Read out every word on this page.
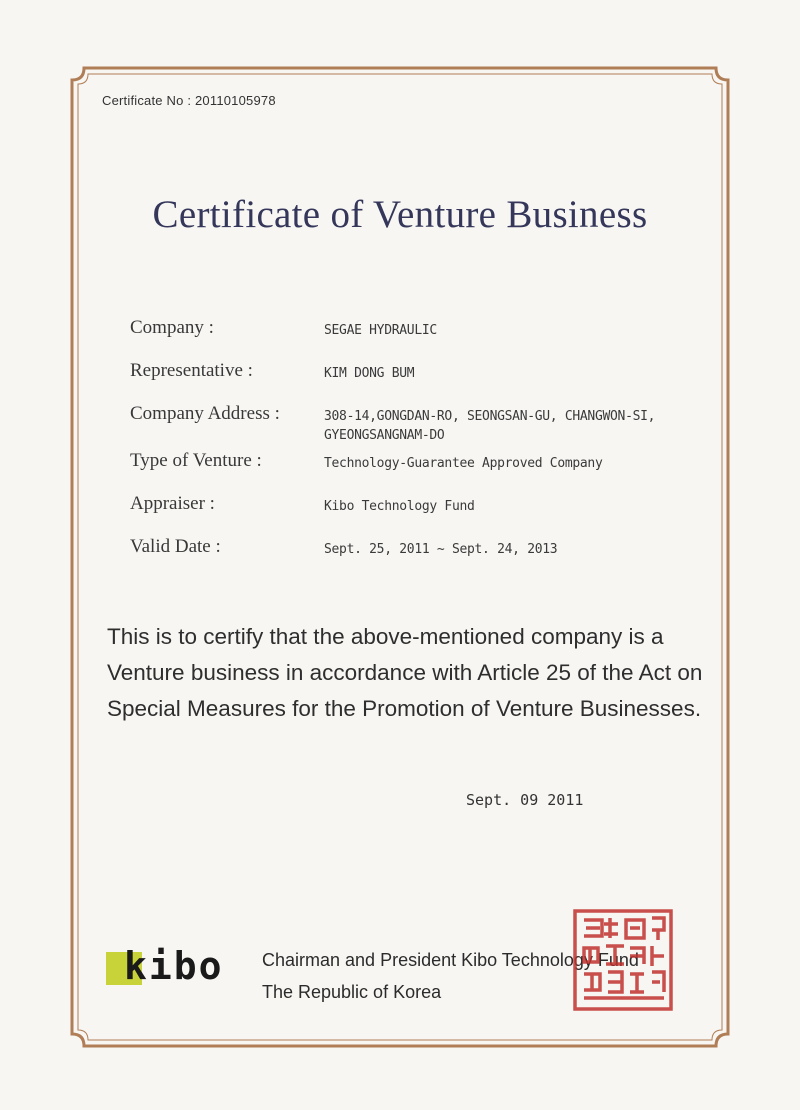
Certificate No : 20110105978
Certificate of Venture Business
Company :	SEGAE HYDRAULIC
Representative :	KIM DONG BUM
Company Address :	308-14,GONGDAN-RO, SEONGSAN-GU, CHANGWON-SI, GYEONGSANGNAM-DO
Type of Venture :	Technology-Guarantee Approved Company
Appraiser :	Kibo Technology Fund
Valid Date :	Sept. 25, 2011 ~ Sept. 24, 2013
This is to certify that the above-mentioned company is a Venture business in accordance with Article 25 of the Act on Special Measures for the Promotion of Venture Businesses.
Sept. 09 2011
kibo Chairman and President Kibo Technology Fund
The Republic of Korea
